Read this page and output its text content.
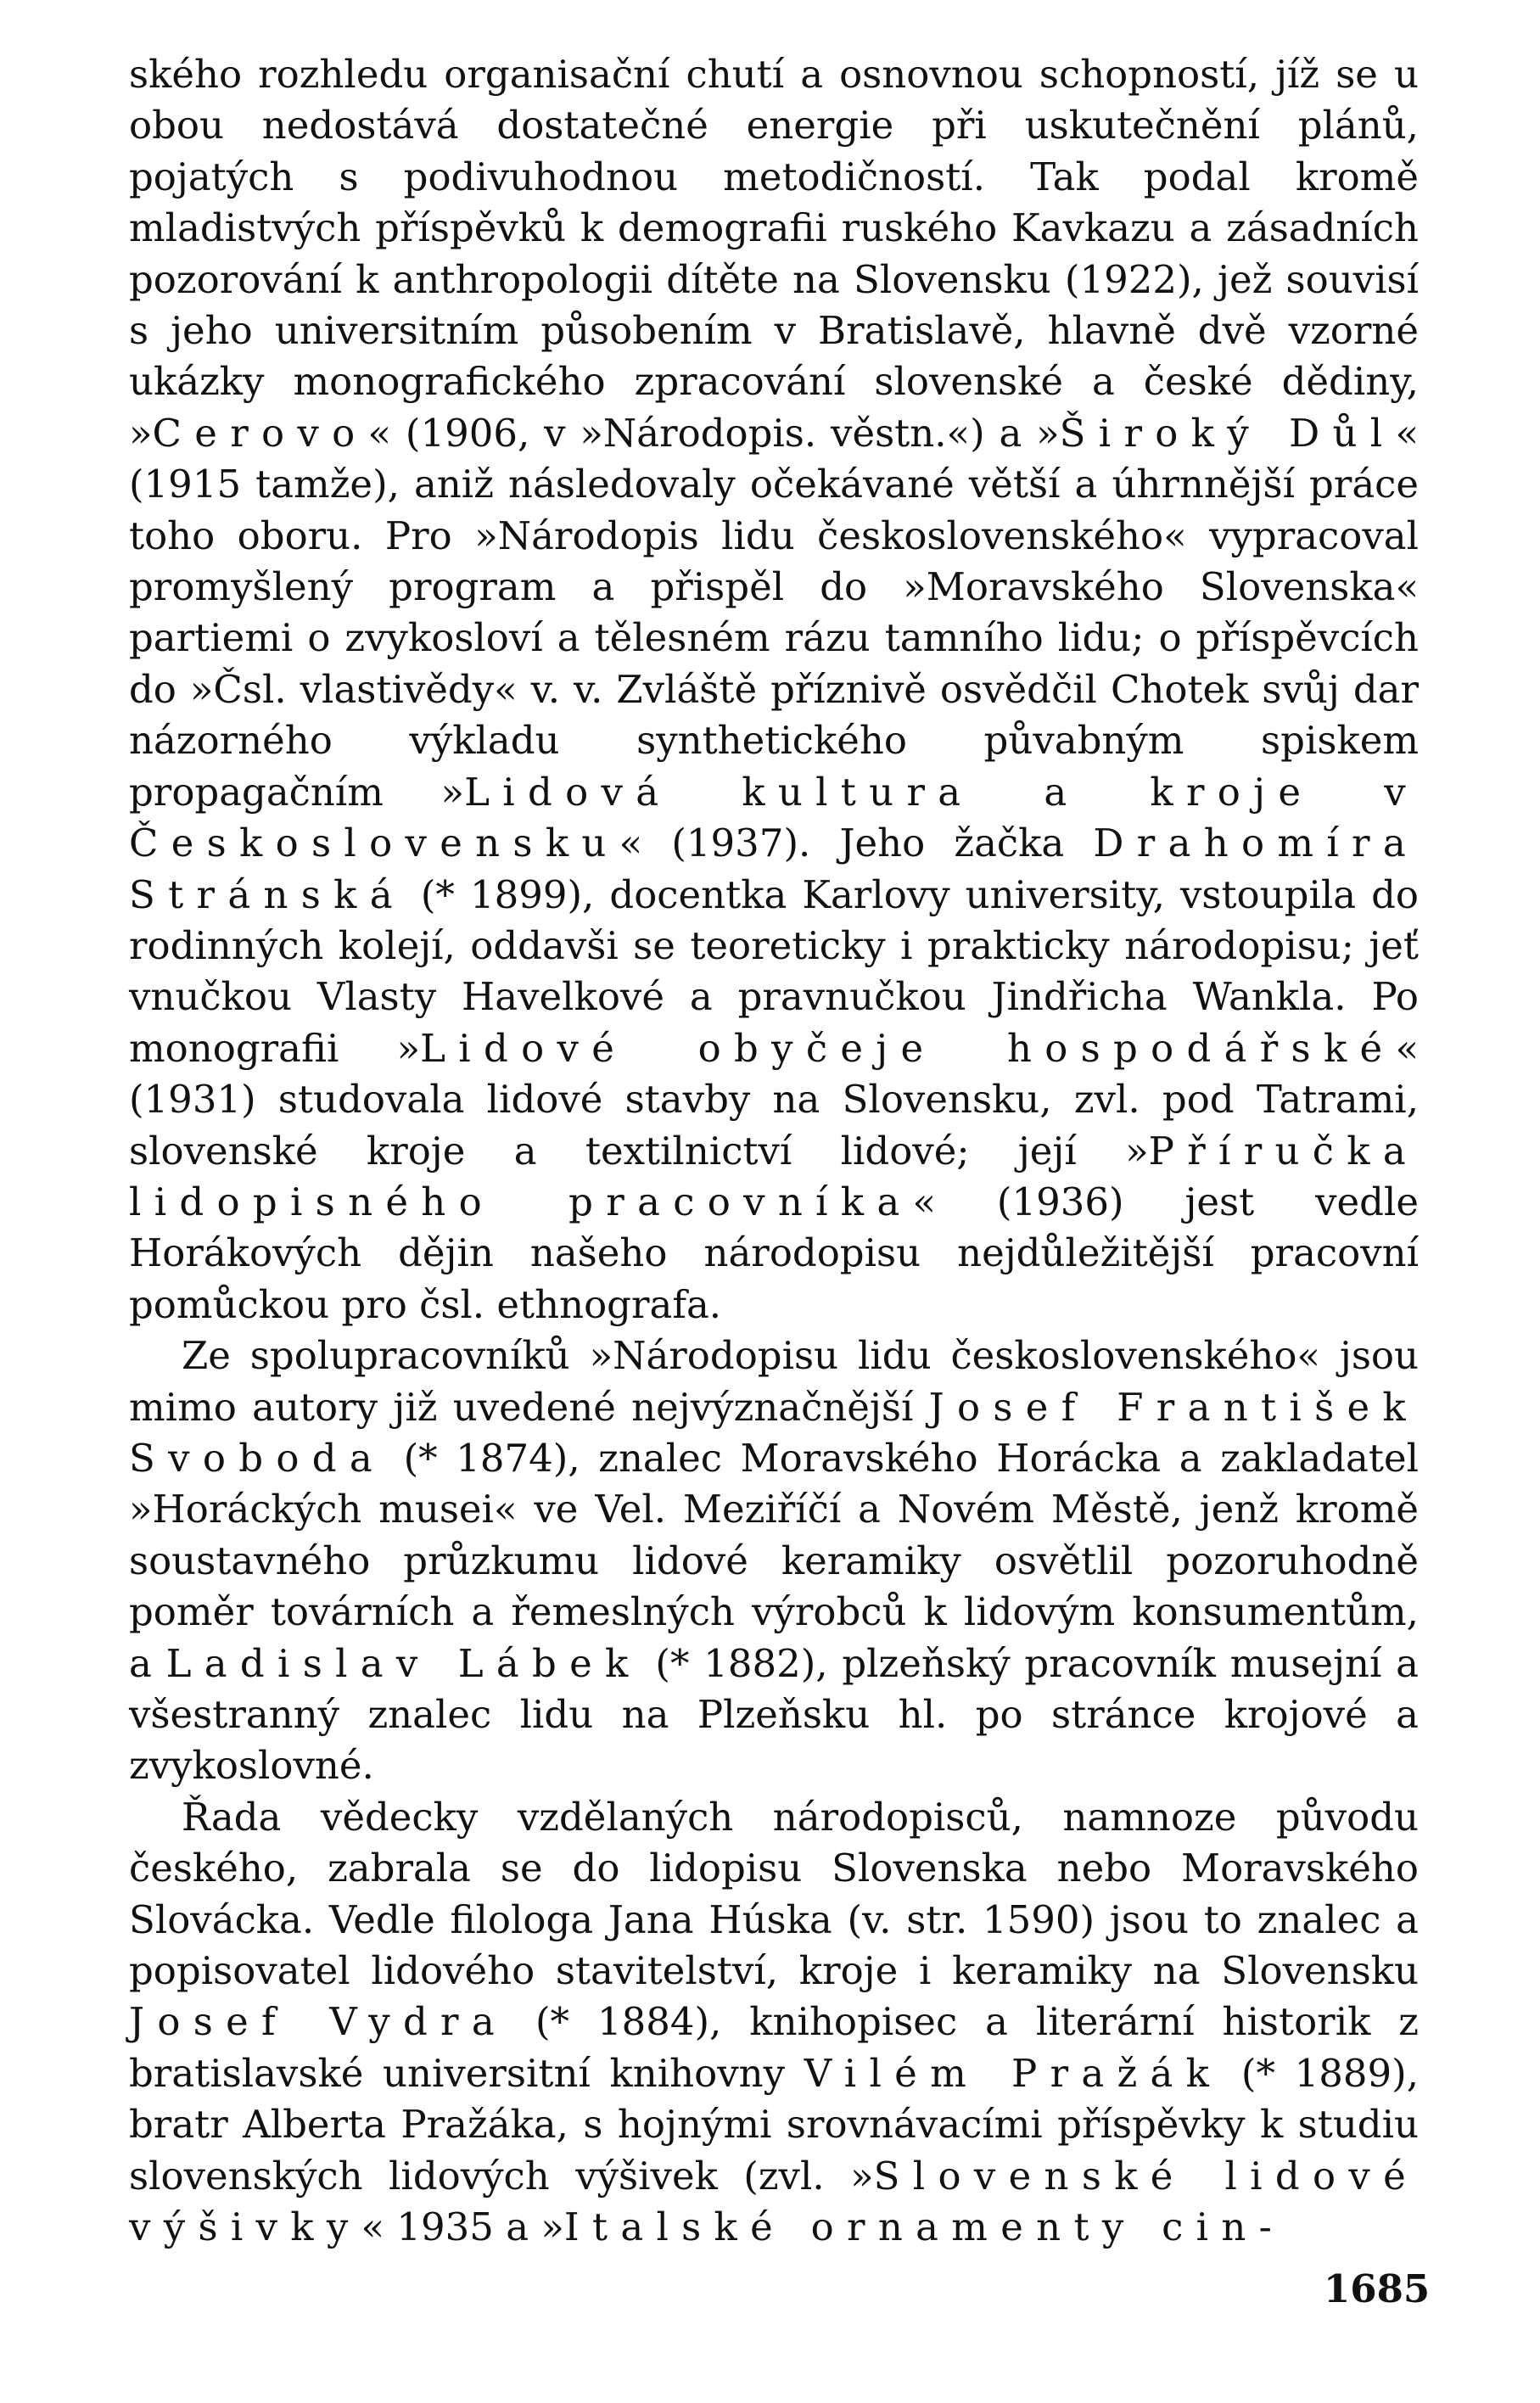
ského rozhledu organisační chutí a osnovnou schopností, jíž se u obou nedostává dostatečné energie při uskutečnění plánů, pojatých s podivuhodnou metodičností. Tak podal kromě mladistvých příspěvků k demografii ruského Kavkazu a zásadních pozorování k anthropologii dítěte na Slovensku (1922), jež souvisí s jeho universitním působením v Bratislavě, hlavně dvě vzorné ukázky monografického zpracování slovenské a české dědiny, »Cerovo« (1906, v »Národopis. věstn.«) a »Široký Důl« (1915 tamže), aniž následovaly očekávané větší a úhrnnější práce toho oboru. Pro »Národopis lidu československého« vypracoval promyšlený program a přispěl do »Moravského Slovenska« partiemi o zvykosloví a tělesném rázu tamního lidu; o příspěvcích do »Čsl. vlastivědy« v. v. Zvláště příznivě osvědčil Chotek svůj dar názorného výkladu synthetického půvabným spiskem propagačním »Lidová kultura a kroje v Československu« (1937). Jeho žačka Drahomíra Stránská (* 1899), docentka Karlovy university, vstoupila do rodinných kolejí, oddavši se teoreticky i prakticky národopisu; jeť vnučkou Vlasty Havelkové a pravnučkou Jindřicha Wankla. Po monografii »Lidové obyčeje hospodářské« (1931) studovala lidové stavby na Slovensku, zvl. pod Tatrami, slovenské kroje a textilnictví lidové; její »Příručka lidopisného pracovníka« (1936) jest vedle Horákových dějin našeho národopisu nejdůležitější pracovní pomůckou pro čsl. ethnografa.

Ze spolupracovníků »Národopisu lidu československého« jsou mimo autory již uvedené nejvýznačnější Josef František Svoboda (* 1874), znalec Moravského Horácka a zakladatel »Horáckých musei« ve Vel. Meziříčí a Novém Městě, jenž kromě soustavného průzkumu lidové keramiky osvětlil pozoruhodně poměr továrních a řemeslných výrobců k lidovým konsumentům, a Ladislav Lábek (* 1882), plzeňský pracovník musejní a všestranný znalec lidu na Plzeňsku hl. po stránce krojové a zvykoslovné.

Řada vědecky vzdělaných národopisců, namnoze původu českého, zabrala se do lidopisu Slovenska nebo Moravského Slovácka. Vedle filologa Jana Húska (v. str. 1590) jsou to znalec a popisovatel lidového stavitelství, kroje i keramiky na Slovensku Josef Vydra (* 1884), knihopisec a literární historik z bratislavské universitní knihovny Vilém Pražák (* 1889), bratr Alberta Pražáka, s hojnými srovnávacími příspěvky k studiu slovenských lidových výšivek (zvl. »Slovenské lidové výšivky« 1935 a »Italské ornamenty cin-

1685
